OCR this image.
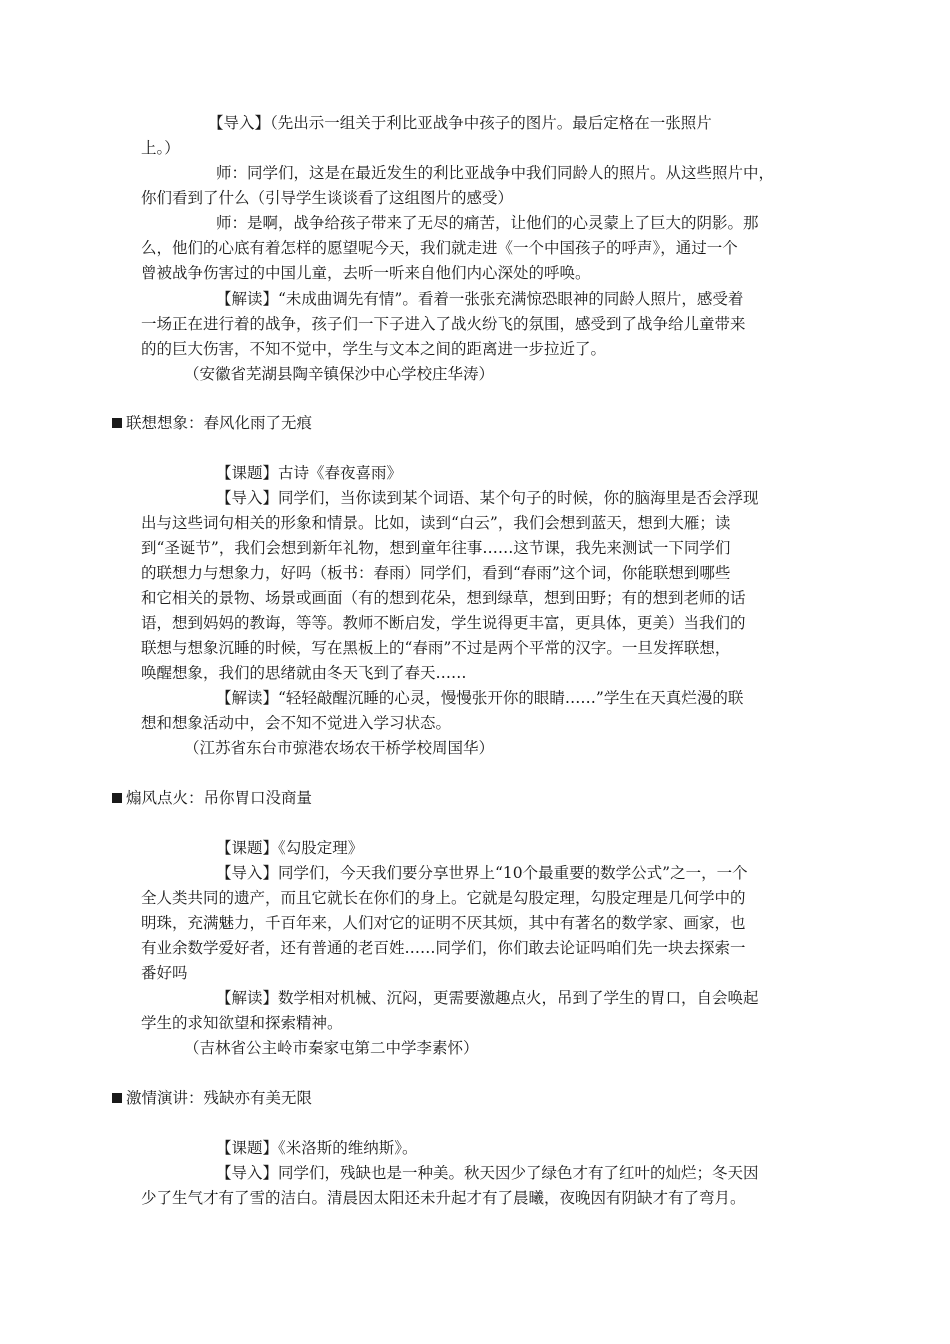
【导入】（先出示一组关于利比亚战争中孩子的图片。最后定格在一张照片
上。）
师：同学们，这是在最近发生的利比亚战争中我们同龄人的照片。从这些照片中，
你们看到了什么（引导学生谈谈看了这组图片的感受）
师：是啊，战争给孩子带来了无尽的痛苦，让他们的心灵蒙上了巨大的阴影。那
么，他们的心底有着怎样的愿望呢今天，我们就走进《一个中国孩子的呼声》，通过一个
曾被战争伤害过的中国儿童，去听一听来自他们内心深处的呼唤。
【解读】“未成曲调先有情”。看着一张张充满惊恐眼神的同龄人照片，感受着
一场正在进行着的战争，孩子们一下子进入了战火纷飞的氛围，感受到了战争给儿童带来
的的巨大伤害，不知不觉中，学生与文本之间的距离进一步拉近了。
（安徽省芜湖县陶辛镇保沙中心学校庄华涛）
联想想象：春风化雨了无痕
【课题】古诗《春夜喜雨》
【导入】同学们，当你读到某个词语、某个句子的时候，你的脑海里是否会浮现
出与这些词句相关的形象和情景。比如，读到“白云”，我们会想到蓝天，想到大雁；读
到“圣诞节”，我们会想到新年礼物，想到童年往事……这节课，我先来测试一下同学们
的联想力与想象力，好吗（板书：春雨）同学们，看到“春雨”这个词，你能联想到哪些
和它相关的景物、场景或画面（有的想到花朵，想到绿草，想到田野；有的想到老师的话
语，想到妈妈的教诲，等等。教师不断启发，学生说得更丰富，更具体，更美）当我们的
联想与想象沉睡的时候，写在黑板上的“春雨”不过是两个平常的汉字。一旦发挥联想，
唤醒想象，我们的思绪就由冬天飞到了春天……
【解读】“轻轻敲醒沉睡的心灵，慢慢张开你的眼睛……”学生在天真烂漫的联
想和想象活动中，会不知不觉进入学习状态。
（江苏省东台市弶港农场农干桥学校周国华）
煽风点火：吊你胃口没商量
【课题】《勾股定理》
【导入】同学们，今天我们要分享世界上“10个最重要的数学公式”之一，一个
全人类共同的遗产，而且它就长在你们的身上。它就是勾股定理，勾股定理是几何学中的
明珠，充满魅力，千百年来，人们对它的证明不厌其烦，其中有著名的数学家、画家，也
有业余数学爱好者，还有普通的老百姓……同学们，你们敢去论证吗咱们先一块去探索一
番好吗
【解读】数学相对机械、沉闷，更需要激趣点火，吊到了学生的胃口，自会唤起
学生的求知欲望和探索精神。
（吉林省公主岭市秦家屯第二中学李素怀）
激情演讲：残缺亦有美无限
【课题】《米洛斯的维纳斯》。
【导入】同学们，残缺也是一种美。秋天因少了绿色才有了红叶的灿烂；冬天因
少了生气才有了雪的洁白。清晨因太阳还未升起才有了晨曦，夜晚因有阴缺才有了弯月。
